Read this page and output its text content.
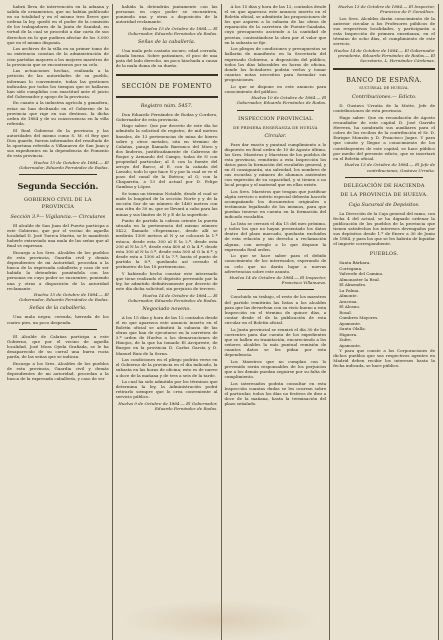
habrá lleva de intervención en la aduana y salida de ornamentos, que no habían publicado en su totalidad y en el mismo tres lleves que ordena la ley, quedó en el poder de la comisión de los trabajadores de la Junta de Sanidad, en virtud de la cual se procedió a dar carta de sus derechos en lo que pudiera afectar de los 3.000 que en el mismo disponía.

Los archivos de la villa en su primer tomo de su existencia constan de la administración de cien partidas mayores a los mejores maestros de la provincia que se encontraron por su celo.

Las actuaciones hechas, realizada a la petición de las autoridades de su pueblo, informan lo conveniente, todas las gestiones indicadas por todos los tiempos que se hallaron han sido cumplidas con exactitud ante el juicio del Gobernador y apoyo de la provincia.

En cuanto a la industria agrícola y ganadera, estas no han declinado en el Gobierno de la provincia que rige en sus destinos, la dicha orden de 1884 y de su consecuencia en la villa referida.

El Real Gobierno de la provincia y las autoridades del mismo como S. M. el Rey que Dios guarde, fueron informados del resultado de la oportuna referida a Villanueva de San Juan y sus expedientes en la dependencia de Fomento de esta provincia.

Huelva 15 de Octubre de 1884.— El Gobernador, Eduardo Fernández de Rodas.

Segunda Sección.
GOBIERNO CIVIL DE LA PROVINCIA
Sección 3.ª— Vigilancia.— Circulares

El alcalde de San Juan del Puerto participa a este Gobierno, que por el vecino de aquella localidad D. José Tuerca Martin, se le manifestó haberle extraviado una mula de las señas que al final se expresan.

Encargo a los Sres. Alcaldes de los pueblos de esta provincia, Guardia civil y demás dependientes de mi Autoridad, procedan a la busca de la expresada caballería y caso de ser habida la detendrán poniéndola con las personas en cuyo poder se encuentre, poniendo una y otras a disposición de la autoridad reclamante.

Huelva 15 de Octubre de 1884.— El Gobernador, Eduardo Fernández de Rodas.

Señas de la caballería.

Una mula negra, cerrada, herrada de los cuatro pies, un poco despeada.

El Alcalde de Calañas participa a este Gobierno, que por el vecino de aquella localidad, José Mora Ojeda Grafiada, se le ha desaparecido de su corral una burra rucia parda, de las señas que se indican.

Encargo a los Sres. Alcaldes de los pueblos de esta provincia, Guardia civil y demás dependientes de mi autoridad, procedan a la busca de la expresada caballería, y caso de ser

habida la detendrán juntamente con las personas en cuyo poder se encuentren, poniendo una y otras a disposición de la autoridad reclamante.

Huelva 15 de Octubre de 1884.— El Gobernador, Eduardo Fernández de Rodas.

Señas de la caballería.

Una mula pelo castaño oscuro, edad cerrada, alzada buena. Sobre patizaines, el pico de una pata del lado derecho, un poco hinchada a causa de la mala doma de su dueño.

SECCIÓN DE FOMENTO
Registro núm. 5457.

Don Eduardo Fernández de Rodas y Cordero, Gobernador de esta provincia.

Hago saber: Que por decreto de este día he admitido la solicitud de registro, de mil metros lineales, de 13 pertenencias de mina de hierro sobre y otros metales, sita en término de Calañas, paraje llamado Barranco del Moro y dos linderos, justificadamente de Cabreras de Roque y Armando del Campo, todas de N con propiedad particular; al S con la fuente del arroyo del Barco; al E, con la cañada del Lavado; todo lo que hace N y por la cual se ve el pozo del canal de la Ibérica; al O, con la Chaparrita, a 13 del actual por D. Felipe Gamboa y López.

Se toma un término Notable, desde el cual se mide la longitud de la sección Norte y y de la sección Sur de un número de 1460 metros con una cifra de 30 m, que se llevará a cabo para las minas y sus límites de N y E de la superficie.

Punto de partida la cabeza oriente la puerta situada en la pertenencia del mismo número 5422, llamado «Esperanza», desde allí se medirán 1300 metros al N y se colocará la 1.ª estaca, desde esta 300 al E la 2.ª, desde esta 200 al N la 3.ª, desde esta 400 al O la 4.ª, desde esta 300 al N la 5.ª, desde esta 500 al O la 6.ª, y desde esta a 1300 al S la 7.ª, hasta el punto de partida la 8.ª, quedando así cerrado el perímetro de las 18 pertenencias.

Y habiendo hecho constar este interesado que tiene realizado el depósito prevenido por la ley, he admitido definitivamente por decreto de este día dicha solicitud, sin perjuicio de tercero.

Huelva 14 de Octubre de 1884.— El Gobernador, Eduardo Fernández de Rodas.

Negociado noveno.

A los 15 días y hora de las 12 contados desde el en que aparezca este anuncio inserto en el Boletín oficial se admitirá la subasta de las obras que han de ejecutarse en la carretera de 3.º orden de Huelva a los demarcaciones de Hinojos, de la que ha tomado El Arcipreste, de Burgos en la provincia D. Carlos García y D. Manuel Ruiz de la Serna.

Las condiciones en el pliego podrán verse en el Gobierno de la provincia en el día indicado, la subasta en las horas de oficina; esto es de nueve a doce de la mañana y de tres a seis de la tarde.

La cual ha sido admitida por los términos que determina la ley, la Administración podrá retirarlo siempre que lo crea conveniente al servicio público.

Huelva 9 de Octubre de 1884.— El Gobernador, Eduardo Fernández de Rodas.

A los 15 días y hora de las 12, contados desde el en que aparezca este anuncio inserto en el Boletín oficial, se admitirán las proposiciones de los que aspiren a la subasta de las obras de reparación de la carretera de Fuente-Guadaña, cuyo presupuesto asciende a la cantidad de pesetas, contratándose la obra por el valor que en la subasta se fije.

Los pliegos de condiciones y presupuestos se hallarán de manifiesto en la Secretaría del expresado Gobierno, a disposición del público, todos los días laborables en horas de oficina, donde los licitadores podrán verlos y tomar cuantas notas necesiten para formular sus proposiciones.

Lo que se dispone en este anuncio para conocimiento del público.

Huelva 10 de Octubre de 1884.— El Gobernador, Eduardo Fernández de Rodas.

INSPECCION PROVINCIAL
DE PRIMERA ENSEÑANZA DE HUELVA
Circular.

Para dar exacto y puntual cumplimiento a lo dispuesto en Real orden de 10 de Agosto último, los Sres. Maestros y Maestras de los pueblos de esta provincia, remitirán a esta Inspección los datos para la formación del escalafón general, y en él consignarán, sin salvedad, los nombres de sus escuelas y número de alumnos asistentes con expresión de su capacidad, y si tienen o no local propio y el material que en ellas existe.

Los Sres. Maestros que tengan que justificar algún servicio o mérito especial deberán hacerlo acompañando los documentos originales o testimonio legalizado de los mismos, para que puedan tenerse en cuenta en la formación del indicado escalafón.

La lista se cerrará el día 15 del mes próximo, y todos los que no hayan presentado los datos dentro del plazo marcado, quedarán excluidos de esta relación y sin derecho a reclamación alguna, con arreglo a lo que dispone la expresada Real orden.

Lo que se hace saber para el debido conocimiento de los interesados, esperando de su celo que no darán lugar a nuevas advertencias sobre este asunto.

Huelva 14 de Octubre de 1884.— El Inspector, Francisco Villanueva.

Concluido su trabajo, el resto de los maestros del partido remitirán las listas a los alcaldes para que las devuelvan con su visto bueno a esta Inspección en el término de quince días, a contar desde el de la publicación de esta circular en el Boletín oficial.

La Junta provincial se reunirá el día 30 de los corrientes para dar cuenta de los expedientes que se hallen en tramitación, encareciendo a los señores alcaldes la más puntual remisión de cuantos datos se les pidan por esta dependencia.

Los Maestros que no cumplan con lo prevenido serán responsables de los perjuicios que a los demás puedan seguirse por su falta de cumplimiento.

Los interesados podrán consultar en esta Inspección cuantas dudas se les ocurran sobre el particular, todos los días no festivos de diez a doce de la mañana, hasta la terminación del plazo señalado.

Huelva 13 de Octubre de 1884.— El Inspector, Francisco de P. Gonzálvez.

Los Sres. Alcaldes darán conocimiento de la anterior circular a los Profesores públicos de sus respectivas localidades, y participarán a esta Inspección de primera enseñanza, en el término de ocho días, el cumplimiento de este servicio.

Huelva 14 de Octubre de 1884.— El Gobernador presidente, Eduardo Fernández de Rodas.— El Secretario, L. Hernández Cárdenas.

BANCO DE ESPAÑA.
SUCURSAL DE HUELVA.
Contribuciones.— Edicto.

D. Gustavo Urrutia de la Motte, Jefe de contribuciones de esta provincia.

Hago saber: Que en recaudación de Agosto recaudador de este capital D. José Garrido Herrera, ha nombrado sus auxiliares para el cobro de los recibos de la contribución el Sr. D. Enrique Monzón y D. Francisco Jaque. Y para que conste y llegue a conocimiento de los contribuyentes de este capital, se hace público por medio del presente edicto, que se insertará en el Boletín oficial.

Huelva 13 de Octubre de 1884.— El Jefe de contribuciones, Gustavo Urrutia.

DELEGACIÓN DE HACIENDA
DE LA PROVINCIA DE HUELVA.
Caja Sucursal de Depósitos.

La Dirección de la Caja general del ramo, con fecha 4 del actual, se ha dignado ordenar la publicación de los pueblos de la provincia que tienen satisfechos los intereses devengados por sus depósitos desde 1.º de Enero a 30 de Junio de 1884, y para los que se les habrán de liquidar el importe correspondiente.

PUEBLOS.

Santa Bárbara.

Cortegana.

Valverde del Camino.

Almonaster la Real.

El Almendro.

La Palma.

Almonte.

Aracena.

El Alosno.

Rosal.

Cumbres Mayores.

Ayamonte.

Santa Olalla.

Higuera.

Zufre.

Ayamonte.

Y para que conste a los Corporaciones de dichos pueblos que sus respectivos agentes en Madrid deben recibir los intereses hasta la fecha indicada, se hace público.
